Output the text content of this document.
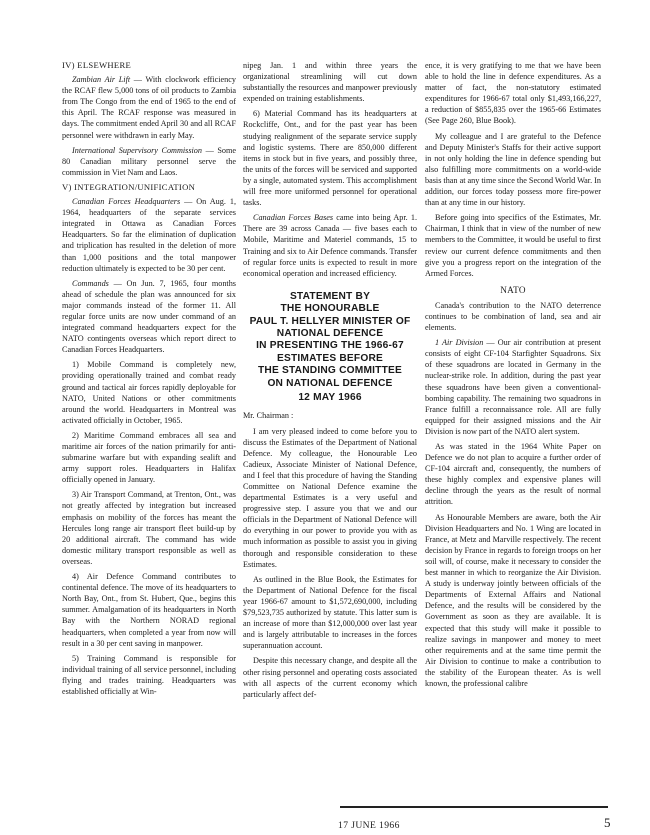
IV) ELSEWHERE

Zambian Air Lift — With clockwork efficiency the RCAF flew 5,000 tons of oil products to Zambia from The Congo from the end of 1965 to the end of this April. The RCAF response was measured in days. The commitment ended April 30 and all RCAF personnel were withdrawn in early May.

International Supervisory Commission — Some 80 Canadian military personnel serve the commission in Viet Nam and Laos.

V) INTEGRATION/UNIFICATION

Canadian Forces Headquarters — On Aug. 1, 1964, headquarters of the separate services integrated in Ottawa as Canadian Forces Headquarters. So far the elimination of duplication and triplication has resulted in the deletion of more than 1,000 positions and the total manpower reduction ultimately is expected to be 30 per cent.

Commands — On Jun. 7, 1965, four months ahead of schedule the plan was announced for six major commands instead of the former 11. All regular force units are now under command of an integrated command headquarters expect for the NATO contingents overseas which report direct to Canadian Forces Headquarters.

1) Mobile Command is completely new, providing operationally trained and combat ready ground and tactical air forces rapidly deployable for NATO, United Nations or other commitments around the world. Headquarters in Montreal was activated officially in October, 1965.

2) Maritime Command embraces all sea and maritime air forces of the nation primarily for anti-submarine warfare but with expanding sealift and army support roles. Headquarters in Halifax officially opened in January.

3) Air Transport Command, at Trenton, Ont., was not greatly affected by integration but increased emphasis on mobility of the forces has meant the Hercules long range air transport fleet build-up by 20 additional aircraft. The command has wide domestic military transport responsible as well as overseas.

4) Air Defence Command contributes to continental defence. The move of its headquarters to North Bay, Ont., from St. Hubert, Que., begins this summer. Amalgamation of its headquarters in North Bay with the Northern NORAD regional headquarters, when completed a year from now will result in a 30 per cent saving in manpower.

5) Training Command is responsible for individual training of all service personnel, including flying and trades training. Headquarters was established officially at Win-

nipeg Jan. 1 and within three years the organizational streamlining will cut down substantially the resources and manpower previously expended on training establishments.

6) Material Command has its headquarters at Rockcliffe, Ont., and for the past year has been studying realignment of the separate service supply and logistic systems. There are 850,000 different items in stock but in five years, and possibly three, the units of the forces will be serviced and supported by a single, automated system. This accomplishment will free more uniformed personnel for operational tasks.

Canadian Forces Bases came into being Apr. 1. There are 39 across Canada — five bases each to Mobile, Maritime and Materiel commands, 15 to Training and six to Air Defence commands. Transfer of regular force units is expected to result in more economical operation and increased efficiency.

STATEMENT BY
THE HONOURABLE
PAUL T. HELLYER MINISTER OF
NATIONAL DEFENCE
IN PRESENTING THE 1966-67
ESTIMATES BEFORE
THE STANDING COMMITTEE
ON NATIONAL DEFENCE
12 MAY 1966

Mr. Chairman :

I am very pleased indeed to come before you to discuss the Estimates of the Department of National Defence. My colleague, the Honourable Leo Cadieux, Associate Minister of National Defence, and I feel that this procedure of having the Standing Committee on National Defence examine the departmental Estimates is a very useful and progressive step. I assure you that we and our officials in the Department of National Defence will do everything in our power to provide you with as much information as possible to assist you in giving thorough and responsible consideration to these Estimates.

As outlined in the Blue Book, the Estimates for the Department of National Defence for the fiscal year 1966-67 amount to $1,572,690,000, including $79,523,735 authorized by statute. This latter sum is an increase of more than $12,000,000 over last year and is largely attributable to increases in the forces superannuation account.

Despite this necessary change, and despite all the other rising personnel and operating costs associated with all aspects of the current economy which particularly affect def-

ence, it is very gratifying to me that we have been able to hold the line in defence expenditures. As a matter of fact, the non-statutory estimated expenditures for 1966-67 total only $1,493,166,227, a reduction of $855,835 over the 1965-66 Estimates (See Page 260, Blue Book).

My colleague and I are grateful to the Defence and Deputy Minister's Staffs for their active support in not only holding the line in defence spending but also fulfilling more commitments on a world-wide basis than at any time since the Second World War. In addition, our forces today possess more fire-power than at any time in our history.

Before going into specifics of the Estimates, Mr. Chairman, I think that in view of the number of new members to the Committee, it would be useful to first review our current defence commitments and then give you a progress report on the integration of the Armed Forces.

NATO

Canada's contribution to the NATO deterrence continues to be combination of land, sea and air elements.

1 Air Division — Our air contribution at present consists of eight CF-104 Starfighter Squadrons. Six of these squadrons are located in Germany in the nuclear-strike role. In addition, during the past year these squadrons have been given a conventional-bombing capability. The remaining two squadrons in France fulfill a reconnaissance role. All are fully equipped for their assigned missions and the Air Division is now part of the NATO alert system.

As was stated in the 1964 White Paper on Defence we do not plan to acquire a further order of CF-104 aircraft and, consequently, the numbers of these highly complex and expensive planes will decline through the years as the result of normal attrition.

As Honourable Members are aware, both the Air Division Headquarters and No. 1 Wing are located in France, at Metz and Marville respectively. The recent decision by France in regards to foreign troops on her soil will, of course, make it necessary to consider the best manner in which to reorganize the Air Division. A study is underway jointly between officials of the Departments of External Affairs and National Defence, and the results will be considered by the Government as soon as they are available. It is expected that this study will make it possible to realize savings in manpower and money to meet other requirements and at the same time permit the Air Division to continue to make a contribution to the stability of the European theater. As is well known, the professional calibre

17 JUNE 1966	5
